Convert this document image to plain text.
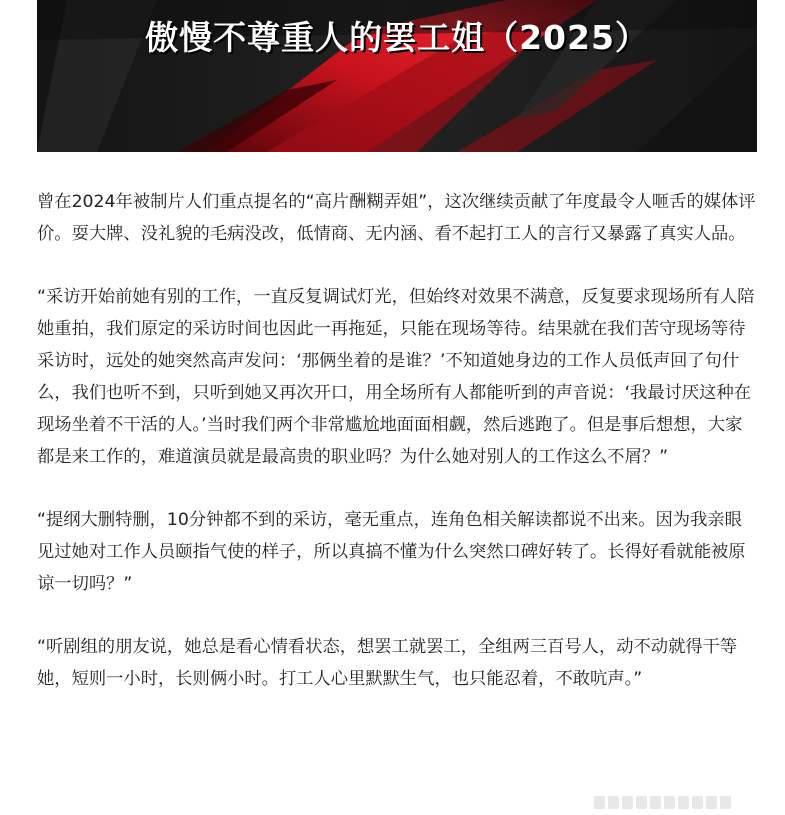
傲慢不尊重人的罢工姐（2025）

曾在2024年被制片人们重点提名的“高片酬糊弄姐”，这次继续贡献了年度最令人咂舌的媒体评价。耍大牌、没礼貌的毛病没改，低情商、无内涵、看不起打工人的言行又暴露了真实人品。

“采访开始前她有别的工作，一直反复调试灯光，但始终对效果不满意，反复要求现场所有人陪她重拍，我们原定的采访时间也因此一再拖延，只能在现场等待。结果就在我们苦守现场等待采访时，远处的她突然高声发问：‘那俩坐着的是谁？’不知道她身边的工作人员低声回了句什么，我们也听不到，只听到她又再次开口，用全场所有人都能听到的声音说：‘我最讨厌这种在现场坐着不干活的人。’当时我们两个非常尴尬地面面相觑，然后逃跑了。但是事后想想，大家都是来工作的，难道演员就是最高贵的职业吗？为什么她对别人的工作这么不屑？”

“提纲大删特删，10分钟都不到的采访，毫无重点，连角色相关解读都说不出来。因为我亲眼见过她对工作人员颐指气使的样子，所以真搞不懂为什么突然口碑好转了。长得好看就能被原谅一切吗？”

“听剧组的朋友说，她总是看心情看状态，想罢工就罢工，全组两三百号人，动不动就得干等她，短则一小时，长则俩小时。打工人心里默默生气，也只能忍着，不敢吭声。”
